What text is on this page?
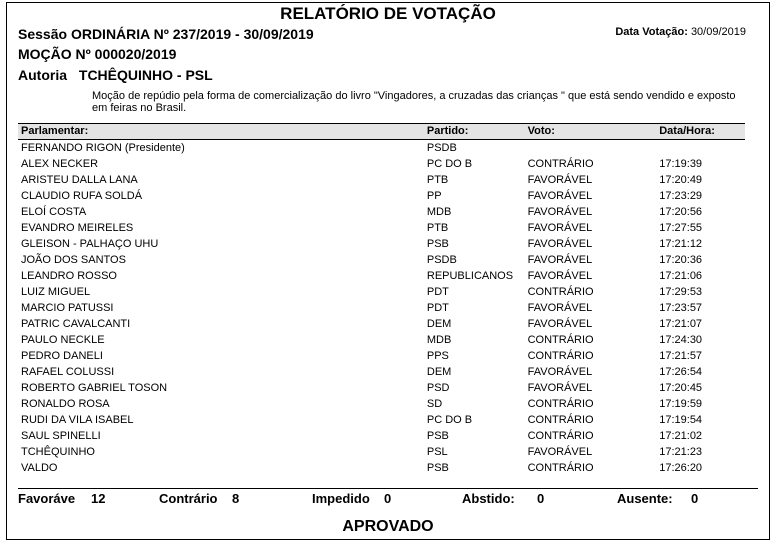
RELATÓRIO DE VOTAÇÃO
Sessão ORDINÁRIA Nº 237/2019 - 30/09/2019	Data Votação: 30/09/2019
MOÇÃO Nº 000020/2019
Autoria TCHÊQUINHO - PSL
Moção de repúdio pela forma de comercialização do livro "Vingadores, a cruzadas das crianças " que está sendo vendido e exposto em feiras no Brasil.
Parlamentar:	Partido:	Voto:	Data/Hora:
FERNANDO RIGON (Presidente)	PSDB
ALEX NECKER	PC DO B	CONTRÁRIO	17:19:39
ARISTEU DALLA LANA	PTB	FAVORÁVEL	17:20:49
CLAUDIO RUFA SOLDÁ	PP	FAVORÁVEL	17:23:29
ELOÍ COSTA	MDB	FAVORÁVEL	17:20:56
EVANDRO MEIRELES	PTB	FAVORÁVEL	17:27:55
GLEISON - PALHAÇO UHU	PSB	FAVORÁVEL	17:21:12
JOÃO DOS SANTOS	PSDB	FAVORÁVEL	17:20:36
LEANDRO ROSSO	REPUBLICANOS	FAVORÁVEL	17:21:06
LUIZ MIGUEL	PDT	CONTRÁRIO	17:29:53
MARCIO PATUSSI	PDT	FAVORÁVEL	17:23:57
PATRIC CAVALCANTI	DEM	FAVORÁVEL	17:21:07
PAULO NECKLE	MDB	CONTRÁRIO	17:24:30
PEDRO DANELI	PPS	CONTRÁRIO	17:21:57
RAFAEL COLUSSI	DEM	FAVORÁVEL	17:26:54
ROBERTO GABRIEL TOSON	PSD	FAVORÁVEL	17:20:45
RONALDO ROSA	SD	CONTRÁRIO	17:19:59
RUDI DA VILA ISABEL	PC DO B	CONTRÁRIO	17:19:54
SAUL SPINELLI	PSB	CONTRÁRIO	17:21:02
TCHÊQUINHO	PSL	FAVORÁVEL	17:21:23
VALDO	PSB	CONTRÁRIO	17:26:20
Favoráve 12	Contrário 8	Impedido 0	Abstido: 0	Ausente: 0
APROVADO
